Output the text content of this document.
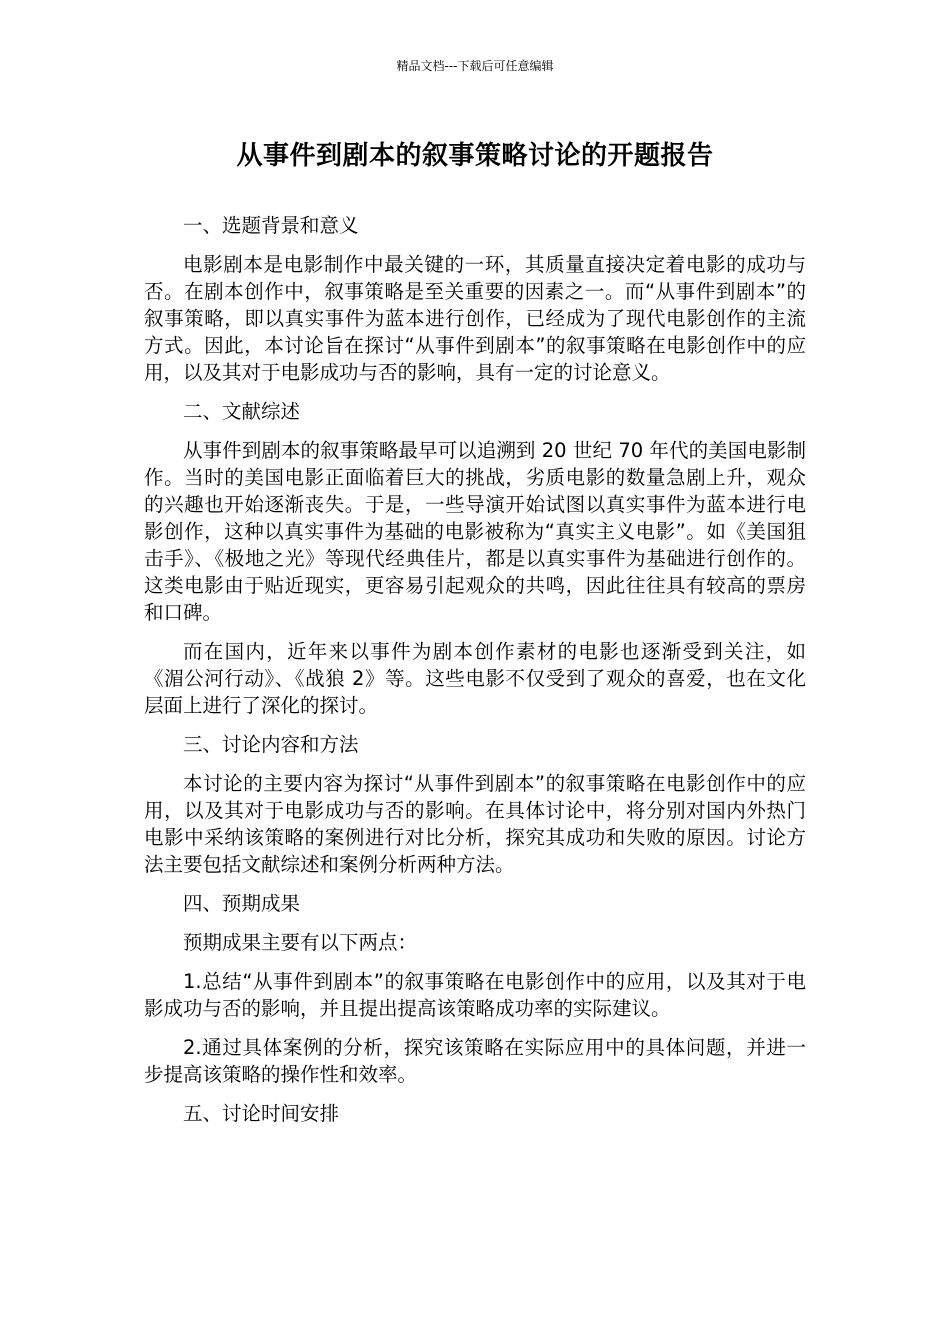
精品文档---下载后可任意编辑
从事件到剧本的叙事策略讨论的开题报告

一、选题背景和意义

电影剧本是电影制作中最关键的一环，其质量直接决定着电影的成功与否。在剧本创作中，叙事策略是至关重要的因素之一。而“从事件到剧本”的叙事策略，即以真实事件为蓝本进行创作，已经成为了现代电影创作的主流方式。因此，本讨论旨在探讨“从事件到剧本”的叙事策略在电影创作中的应用，以及其对于电影成功与否的影响，具有一定的讨论意义。

二、文献综述

从事件到剧本的叙事策略最早可以追溯到 20 世纪 70 年代的美国电影制作。当时的美国电影正面临着巨大的挑战，劣质电影的数量急剧上升，观众的兴趣也开始逐渐丧失。于是，一些导演开始试图以真实事件为蓝本进行电影创作，这种以真实事件为基础的电影被称为“真实主义电影”。如《美国狙击手》、《极地之光》等现代经典佳片，都是以真实事件为基础进行创作的。这类电影由于贴近现实，更容易引起观众的共鸣，因此往往具有较高的票房和口碑。

而在国内，近年来以事件为剧本创作素材的电影也逐渐受到关注，如《湄公河行动》、《战狼 2》等。这些电影不仅受到了观众的喜爱，也在文化层面上进行了深化的探讨。

三、讨论内容和方法

本讨论的主要内容为探讨“从事件到剧本”的叙事策略在电影创作中的应用，以及其对于电影成功与否的影响。在具体讨论中，将分别对国内外热门电影中采纳该策略的案例进行对比分析，探究其成功和失败的原因。讨论方法主要包括文献综述和案例分析两种方法。

四、预期成果

预期成果主要有以下两点：

1.总结“从事件到剧本”的叙事策略在电影创作中的应用，以及其对于电影成功与否的影响，并且提出提高该策略成功率的实际建议。

2.通过具体案例的分析，探究该策略在实际应用中的具体问题，并进一步提高该策略的操作性和效率。

五、讨论时间安排
